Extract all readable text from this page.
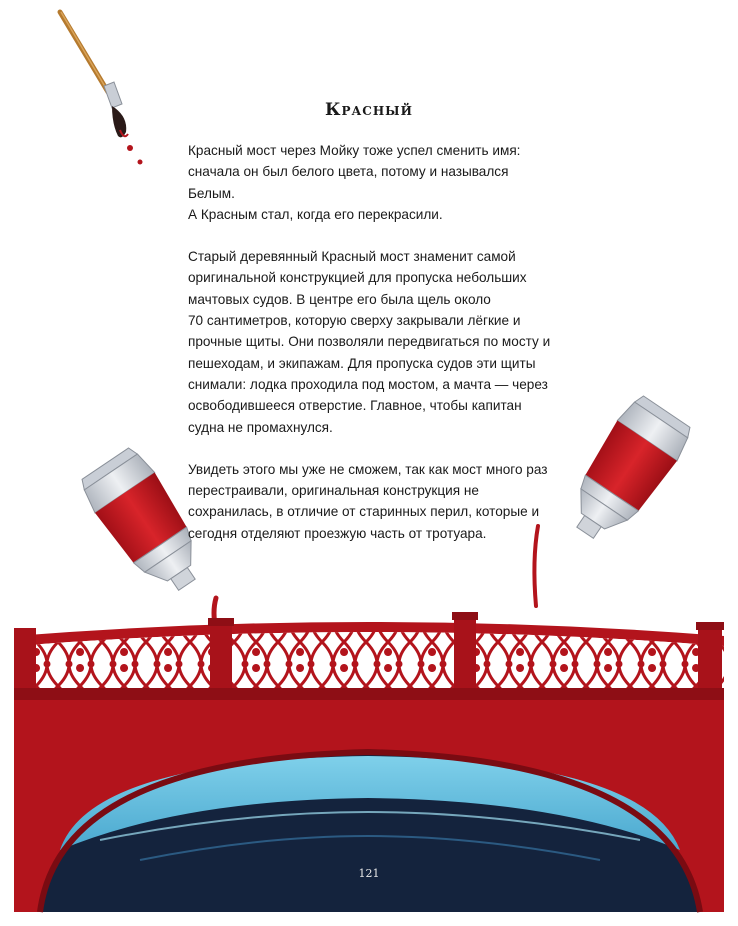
Красный

Красный мост через Мойку тоже успел сменить имя:
сначала он был белого цвета, потому и назывался Белым.
А Красным стал, когда его перекрасили.

Старый деревянный Красный мост знаменит самой
оригинальной конструкцией для пропуска небольших
мачтовых судов. В центре его была щель около
70 сантиметров, которую сверху закрывали лёгкие и
прочные щиты. Они позволяли передвигаться по мосту и
пешеходам, и экипажам. Для пропуска судов эти щиты
снимали: лодка проходила под мостом, а мачта — через
освободившееся отверстие. Главное, чтобы капитан
судна не промахнулся.

Увидеть этого мы уже не сможем, так как мост много раз
перестраивали, оригинальная конструкция не
сохранилась, в отличие от старинных перил, которые и
сегодня отделяют проезжую часть от тротуара.

121
